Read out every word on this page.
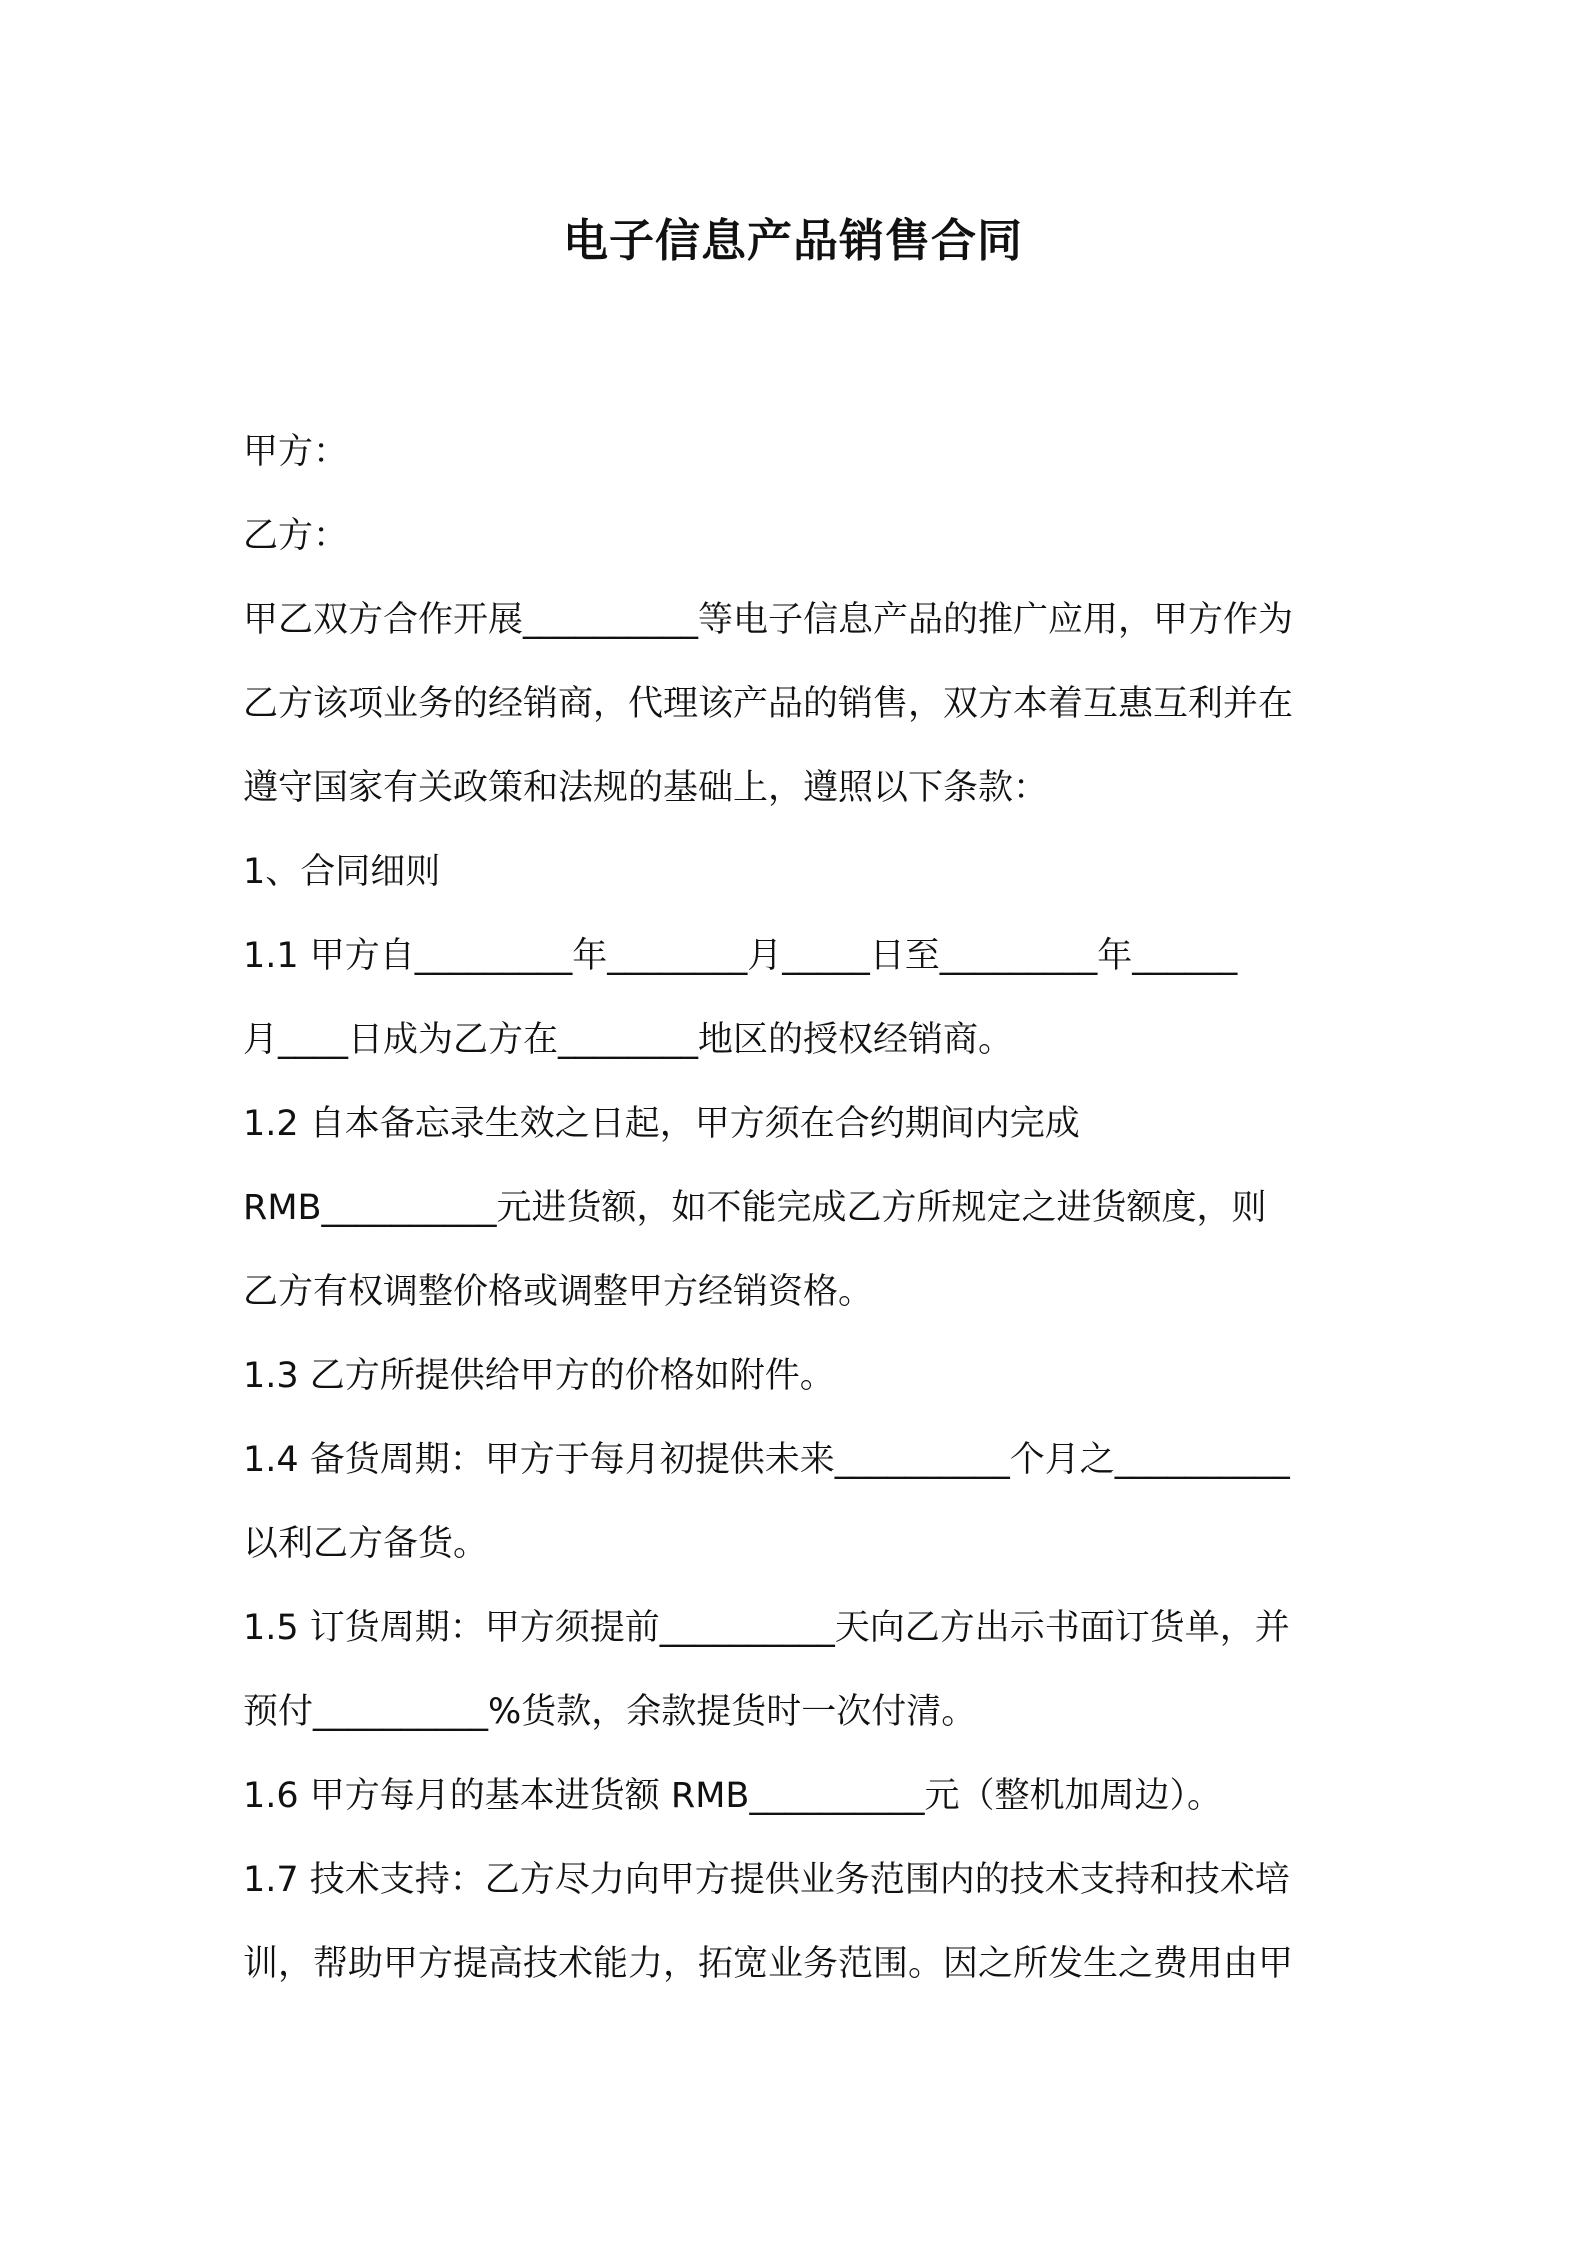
电子信息产品销售合同
甲方：
乙方：
甲乙双方合作开展__________等电子信息产品的推广应用，甲方作为
乙方该项业务的经销商，代理该产品的销售，双方本着互惠互利并在
遵守国家有关政策和法规的基础上，遵照以下条款：
1、合同细则
1.1 甲方自_________年________月_____日至_________年______
月____日成为乙方在________地区的授权经销商。
1.2 自本备忘录生效之日起，甲方须在合约期间内完成
RMB__________元进货额，如不能完成乙方所规定之进货额度，则
乙方有权调整价格或调整甲方经销资格。
1.3 乙方所提供给甲方的价格如附件。
1.4 备货周期：甲方于每月初提供未来__________个月之__________
以利乙方备货。
1.5 订货周期：甲方须提前__________天向乙方出示书面订货单，并
预付__________%货款，余款提货时一次付清。
1.6 甲方每月的基本进货额 RMB__________元（整机加周边）。
1.7 技术支持：乙方尽力向甲方提供业务范围内的技术支持和技术培
训，帮助甲方提高技术能力，拓宽业务范围。因之所发生之费用由甲
